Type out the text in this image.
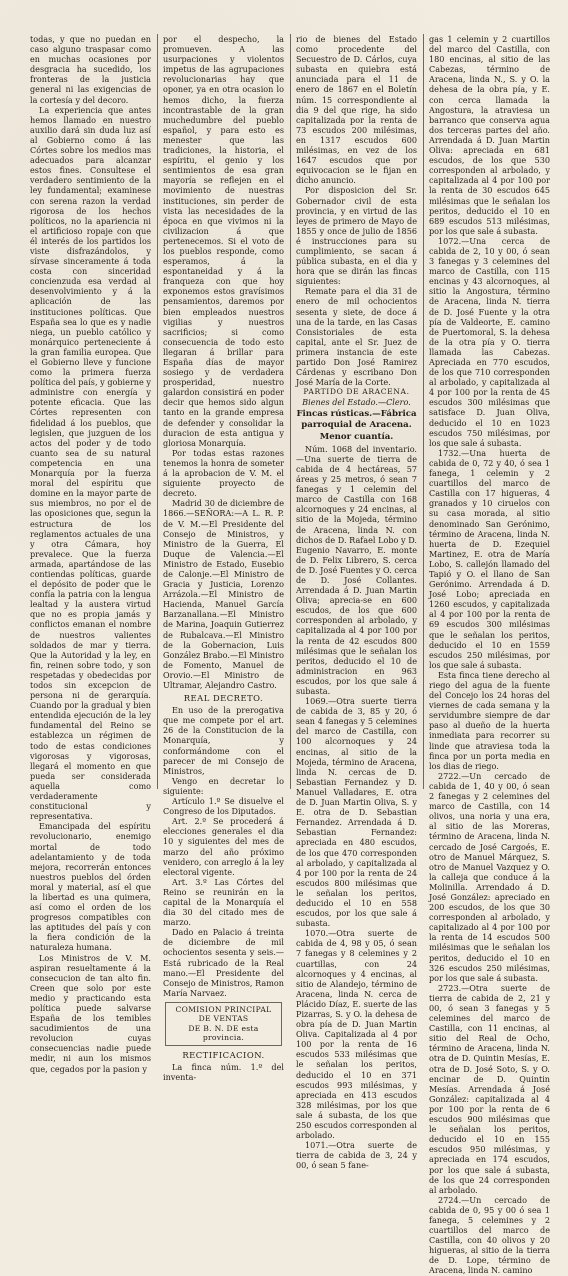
todas, y que no puedan en caso alguno traspasar como en muchas ocasiones por desgracia ha sucedido, los fronteras de la justicia general ni las exigencias de la cortesía y del decoro.

La experiencia que antes hemos llamado en nuestro auxilio dará sin duda luz así al Gobierno como á las Córtes sobre los medios mas adecuados para alcanzar estos fines. Consultese el verdadero sentimiento de la ley fundamental; examinese con serena razon la verdad rigorosa de los hechos políticos, no la apariencia ni el artificioso ropaje con que él interés de los partidos los viste disfrazándolos, y sírvase sinceramente á toda costa con sinceridad concienzuda esa verdad al desenvolvimiento y á la aplicación de las instituciones políticas. Que España sea lo que es y nadie niega, un pueblo católico y monárquico perteneciente á la gran familia europea. Que el Gobierno lleve y funcione como la primera fuerza política del país, y gobierne y administre con energía y potente eficacia. Que las Córtes representen con fidelidad á los pueblos, que legislen, que juzguen de los actos del poder y de todo cuanto sea de su natural competencia en una Monarquía por la fuerza moral del espíritu que domine en la mayor parte de sus miembros, no por el de las oposiciones que, segun la estructura de los reglamentos actuales de una y otra Cámara, hoy prevalece. Que la fuerza armada, apartándose de las contiendas políticas, guarde el depósito de poder que le confía la patria con la lengua lealtad y la austera virtud que no es propia jamás y conflictos emanan el nombre de nuestros valientes soldados de mar y tierra. Que la Autoridad y la ley, en fin, reinen sobre todo, y son respetadas y obedecidas por todos sin excepcion de persona ni de gerarquía. Cuando por la gradual y bien entendida ejecución de la ley fundamental del Reino se establezca un régimen de todo de estas condiciones vigorosas y vigorosas, llegará el momento en que pueda ser considerada aquella como verdaderamente constitucional y representativa.

Emancipada del espíritu revolucionario, enemigo mortal de todo adelantamiento y de toda mejora, recorrerán entonces nuestros pueblos del órden moral y material, así el que la libertad es una quimera, así como el orden de los progresos compatibles con las aptitudes del país y con la fiera condición de la naturaleza humana.

Los Ministros de V. M. aspiran resueltamente á la consecucion de tan alto fin. Creen que solo por este medio y practicando esta política puede salvarse España de los temibles sacudimientos de una revolucion cuyas consecuencias nadie puede medir, ni aun los mismos que, cegados por la pasion y

por el despecho, la promueven. A las usurpaciones y violentos impetus de las agrupaciones revolucionarias hay que oponer, ya en otra ocasion lo hemos dicho, la fuerza incontrastable de la gran muchedumbre del pueblo español, y para esto es menester que las tradiciones, la historia, el espíritu, el genio y los sentimientos de esa gran mayoría se reflejen en el movimiento de nuestras instituciones, sin perder de vista las necesidades de la época en que vivimos ni la civilizacion á que pertenecemos. Si el voto de los pueblos responde, como esperamos, á la espontaneidad y á la franqueza con que hoy exponemos estos gravísimos pensamientos, daremos por bien empleados nuestros vigilias y nuestros sacrificios; si como consecuencia de todo esto llegaran á brillar para España días de mayor sosiego y de verdadera prosperidad, nuestro galardon consistirá en poder decir que hemos sido algun tanto en la grande empresa de defender y consolidar la duracion de esta antigua y gloriosa Monarquía.

Por todas estas razones tenemos la honra de someter á la aprobacion de V. M. el siguiente proyecto de decreto.

Madrid 30 de diciembre de 1866.—SEÑORA:—A L. R. P. de V. M.—El Presidente del Consejo de Ministros, y Ministro de la Guerra, El Duque de Valencia.—El Ministro de Estado, Eusebio de Calonje.—El Ministro de Gracia y Justicia, Lorenzo Arrázola.—El Ministro de Hacienda, Manuel García Barzanallana.—El Ministro de Marina, Joaquin Gutierrez de Rubalcava.—El Ministro de la Gobernacion, Luis González Brabo.—El Ministro de Fomento, Manuel de Orovio.—El Ministro de Ultramar, Alejandro Castro.

REAL DECRETO.

En uso de la prerogativa que me compete por el art. 26 de la Constitucion de la Monarquía, y conformándome con el parecer de mi Consejo de Ministros,

Vengo en decretar lo siguiente:

Artículo 1.º Se disuelve el Congreso de los Diputados.

Art. 2.º Se procederá á elecciones generales el dia 10 y siguientes del mes de marzo del año próximo venidero, con arreglo á la ley electoral vigente.

Art. 3.º Las Córtes del Reino se reunirán en la capital de la Monarquía el dia 30 del citado mes de marzo.

Dado en Palacio á treinta de diciembre de mil ochocientos sesenta y seis.—Está rubricado de la Real mano.—El Presidente del Consejo de Ministros, Ramon María Narvaez.

COMISION PRINCIPAL DE VENTAS

DE B. N. DE esta provincia.

RECTIFICACION.

La finca núm. 1.º del inventa-

rio de bienes del Estado como procedente del Secuestro de D. Cárlos, cuya subasta en quiebra está anunciada para el 11 de enero de 1867 en el Boletín núm. 15 correspondiente al dia 9 del que rige, ha sido capitalizada por la renta de 73 escudos 200 milésimas, en 1317 escudos 600 milésimas, en vez de los 1647 escudos que por equivocacion se le fijan en dicho anuncio.

Por disposicion del Sr. Gobernador civil de esta provincia, y en virtud de las leyes de primero de Mayo de 1855 y once de julio de 1856 é instrucciones para su cumplimiento, se sacan á pública subasta, en el dia y hora que se dirán las fincas siguientes:

Remate para el dia 31 de enero de mil ochocientos sesenta y siete, de doce á una de la tarde, en las Casas Consistoriales de esta capital, ante el Sr. Juez de primera instancia de este partido Don José Ramirez Cárdenas y escribano Don José María de la Corte.

PARTIDO DE ARACENA.

Bienes del Estado.—Clero.

Fincas rústicas.—Fábrica parroquial de Aracena.

Menor cuantía.

Núm. 1068 del inventario.—Una suerte de tierra de cabida de 4 hectáreas, 57 áreas y 25 metros, ó sean 7 fanegas y 1 celemin del marco de Castilla con 168 alcornoques y 24 encinas, al sitio de la Mojeda, término de Aracena, linda N. con dichos de D. Rafael Lobo y D. Eugenio Navarro, E. monte de D. Felix Librero, S. cerca de D. José Fuentes y O. cerca de D. José Collantes. Arrendada á D. Juan Martin Oliva; aprecia-se en 600 escudos, de los que 600 corresponden al arbolado, y capitalizada al 4 por 100 por la renta de 42 escudos 800 milésimas que le señalan los peritos, deducido el 10 de administracion en 963 escudos, por los que sale á subasta.

1069.—Otra suerte tierra de cabida de 3, 85 y 20, ó sean 4 fanegas y 5 celemines del marco de Castilla, con 100 alcornoques y 24 encinas, al sitio de la Mojeda, término de Aracena, linda N. cercas de D. Sebastian Fernandez y D. Manuel Valladares, E. otra de D. Juan Martin Oliva, S. y E. otra de D. Sebastian Fernandez. Arrendada á D. Sebastian Fernandez: apreciada en 480 escudos, de los que 470 corresponden al arbolado, y capitalizada al 4 por 100 por la renta de 24 escudos 800 milésimas que le señalan los peritos, deducido el 10 en 558 escudos, por los que sale á subasta.

1070.—Otra suerte de cabida de 4, 98 y 05, ó sean 7 fanegas y 8 celemines y 2 cuartillas, con 24 alcornoques y 4 encinas, al sitio de Alandejo, término de Aracena, linda N. cerca de Plácido Díaz, E. suerte de las Pizarras, S. y O. la dehesa de obra pía de D. Juan Martin Oliva. Capitalizada al 4 por 100 por la renta de 16 escudos 533 milésimas que le señalan los peritos, deducido el 10 en 371 escudos 993 milésimas, y apreciada en 413 escudos 328 milésimas, por los que sale á subasta, de los que 250 escudos corresponden al arbolado.

1071.—Otra suerte de tierra de cabida de 3, 24 y 00, ó sean 5 fane-

gas 1 celemin y 2 cuartillos del marco del Castilla, con 180 encinas, al sitio de las Cabezas, término de Aracena, linda N., S. y O. la dehesa de la obra pía, y E. con cerca llamada la Angostura, la atraviesa un barranco que conserva agua dos terceras partes del año. Arrendada á D. Juan Martin Oliva: apreciada en 681 escudos, de los que 530 corresponden al arbolado, y capitalizada al 4 por 100 por la renta de 30 escudos 645 milésimas que le señalan los peritos, deducido el 10 en 689 escudos 513 milésimas, por los que sale á subasta.

1072.—Una cerca de cabida de 2, 10 y 00, ó sean 3 fanegas y 3 celemines del marco de Castilla, con 115 encinas y 43 alcornoques, al sitio la Angostura, término de Aracena, linda N. tierra de D. José Fuente y la otra pía de Valdeorte, E. camino de Puertomoral, S. la dehesa de la otra pía y O. tierra llamada las Cabezas. Apreciada en 770 escudos, de los que 710 corresponden al arbolado, y capitalizada al 4 por 100 por la renta de 45 escudos 300 milésimas que satisface D. Juan Oliva, deducido el 10 en 1023 escudos 750 milésimas, por los que sale á subasta.

1732.—Una huerta de cabida de 0, 72 y 40, ó sea 1 fanega, 1 celemin y 2 cuartillos del marco de Castilla con 17 higueras, 4 granados y 10 ciruelos con su casa morada, al sitio denominado San Gerónimo, término de Aracena, linda N. huerta de D. Ezequiel Martinez, E. otra de María Lobo, S. callejón llamado del Tapió y O. el llano de San Gerónimo. Arrendada á D. José Lobo; apreciada en 1260 escudos, y capitalizada al 4 por 100 por la renta de 69 escudos 300 milésimas que le señalan los peritos, deducido el 10 en 1559 escudos 250 milésimas, por los que sale á subasta.

Esta finca tiene derecho al riego del agua de la fuente del Concejo los 24 horas del viernes de cada semana y la servidumbre siempre de dar paso al dueño de la huerta inmediata para recorrer su linde que atraviesa toda la finca por un porta media en los dias de riego.

2722.—Un cercado de cabida de 1, 40 y 00, ó sean 2 fanegas y 2 celemines del marco de Castilla, con 14 olivos, una noria y una era, al sitio de las Moreras, término de Aracena, linda N. cercado de José Cargoés, E. otro de Manuel Márquez, S. otro de Manuel Vazquez y O. la calleja que conduce á la Molinilla. Arrendado á D. José González: apreciado en 200 escudos, de los que 30 corresponden al arbolado, y capitalizado al 4 por 100 por la renta de 14 escudos 500 milésimas que le señalan los peritos, deducido el 10 en 326 escudos 250 milésimas, por los que sale á subasta.

2723.—Otra suerte de tierra de cabida de 2, 21 y 00, ó sean 3 fanegas y 5 celemines del marco de Castilla, con 11 encinas, al sitio del Real de Ocho, término de Aracena, linda N. otra de D. Quintin Mesías, E. otra de D. José Soto, S. y O. encinar de D. Quintin Mesías. Arrendada á José González: capitalizada al 4 por 100 por la renta de 6 escudos 900 milésimas que le señalan los peritos, deducido el 10 en 155 escudos 950 milésimas, y apreciada en 174 escudos, por los que sale á subasta, de los que 24 corresponden al arbolado.

2724.—Un cercado de cabida de 0, 95 y 00 ó sea 1 fanega, 5 celemines y 2 cuartillos del marco de Castilla, con 40 olivos y 20 higueras, al sitio de la tierra de D. Lope, término de Aracena, linda N. camino
